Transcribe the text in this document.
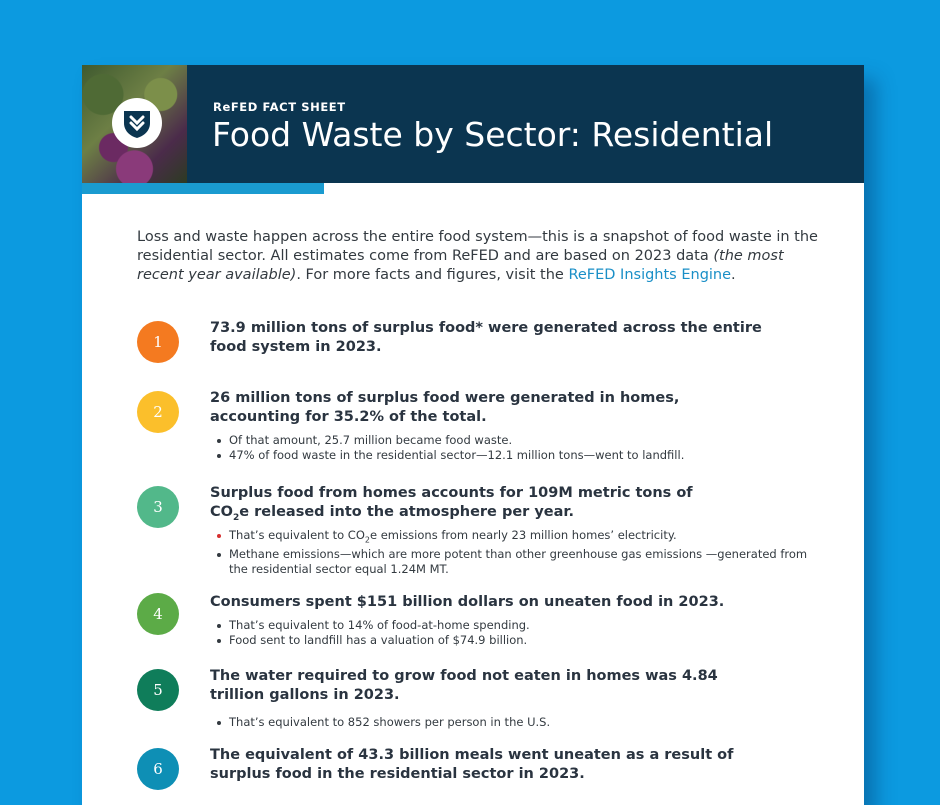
ReFED FACT SHEET
Food Waste by Sector: Residential
Loss and waste happen across the entire food system—this is a snapshot of food waste in the residential sector. All estimates come from ReFED and are based on 2023 data (the most recent year available). For more facts and figures, visit the ReFED Insights Engine.
1
73.9 million tons of surplus food* were generated across the entire food system in 2023.
2
26 million tons of surplus food were generated in homes, accounting for 35.2% of the total.
Of that amount, 25.7 million became food waste.
47% of food waste in the residential sector—12.1 million tons—went to landfill.
3
Surplus food from homes accounts for 109M metric tons of
$CO_2e$ released into the atmosphere per year.
That’s equivalent to $CO_2e$ emissions from nearly 23 million homes’ electricity.
Methane emissions—which are more potent than other greenhouse gas emissions —generated from the residential sector equal 1.24M MT.
4
Consumers spent $151 billion dollars on uneaten food in 2023.
That’s equivalent to 14% of food-at-home spending.
Food sent to landfill has a valuation of $74.9 billion.
5
The water required to grow food not eaten in homes was 4.84 trillion gallons in 2023.
That’s equivalent to 852 showers per person in the U.S.
6
The equivalent of 43.3 billion meals went uneaten as a result of surplus food in the residential sector in 2023.
